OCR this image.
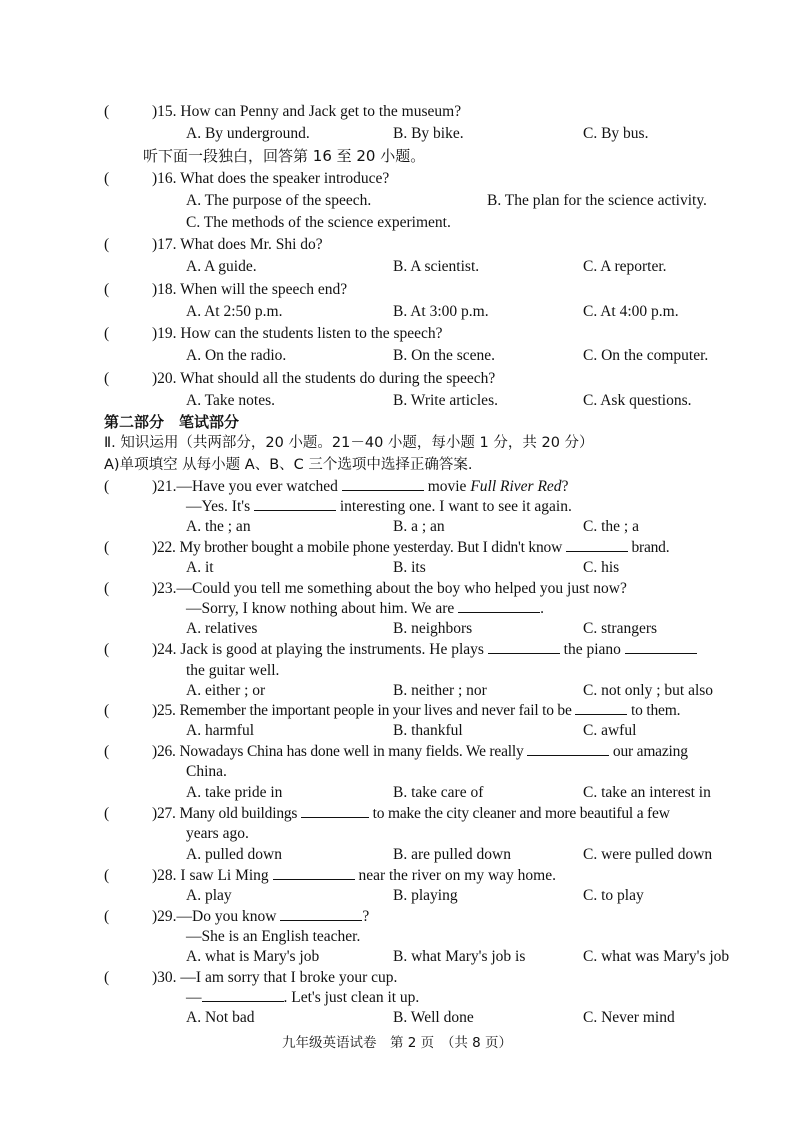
(	)15. How can Penny and Jack get to the museum?
A. By underground.	B. By bike.	C. By bus.
听下面一段独白，回答第 16 至 20 小题。
(	)16. What does the speaker introduce?
A. The purpose of the speech.	B. The plan for the science activity.
C. The methods of the science experiment.
(	)17. What does Mr. Shi do?
A. A guide.	B. A scientist.	C. A reporter.
(	)18. When will the speech end?
A. At 2:50 p.m.	B. At 3:00 p.m.	C. At 4:00 p.m.
(	)19. How can the students listen to the speech?
A. On the radio.	B. On the scene.	C. On the computer.
(	)20. What should all the students do during the speech?
A. Take notes.	B. Write articles.	C. Ask questions.
第二部分　笔试部分
Ⅱ. 知识运用（共两部分，20 小题。21－40 小题，每小题 1 分，共 20 分）
A)单项填空 从每小题 A、B、C 三个选项中选择正确答案.
(	)21.—Have you ever watched	movie Full River Red?
—Yes. It's	interesting one. I want to see it again.
A. the ; an	B. a ; an	C. the ; a
(	)22. My brother bought a mobile phone yesterday. But I didn't know	brand.
A. it	B. its	C. his
(	)23.—Could you tell me something about the boy who helped you just now?
—Sorry, I know nothing about him. We are	.
A. relatives	B. neighbors	C. strangers
(	)24. Jack is good at playing the instruments. He plays	the piano
the guitar well.
A. either ; or	B. neither ; nor	C. not only ; but also
(	)25. Remember the important people in your lives and never fail to be	to them.
A. harmful	B. thankful	C. awful
(	)26. Nowadays China has done well in many fields. We really	our amazing
China.
A. take pride in	B. take care of	C. take an interest in
(	)27. Many old buildings	to make the city cleaner and more beautiful a few
years ago.
A. pulled down	B. are pulled down	C. were pulled down
(	)28. I saw Li Ming	near the river on my way home.
A. play	B. playing	C. to play
(	)29.—Do you know	?
—She is an English teacher.
A. what is Mary's job	B. what Mary's job is	C. what was Mary's job
(	)30. —I am sorry that I broke your cup.
—	. Let's just clean it up.
A. Not bad	B. Well done	C. Never mind
九年级英语试卷　第 2 页　（共 8 页）
